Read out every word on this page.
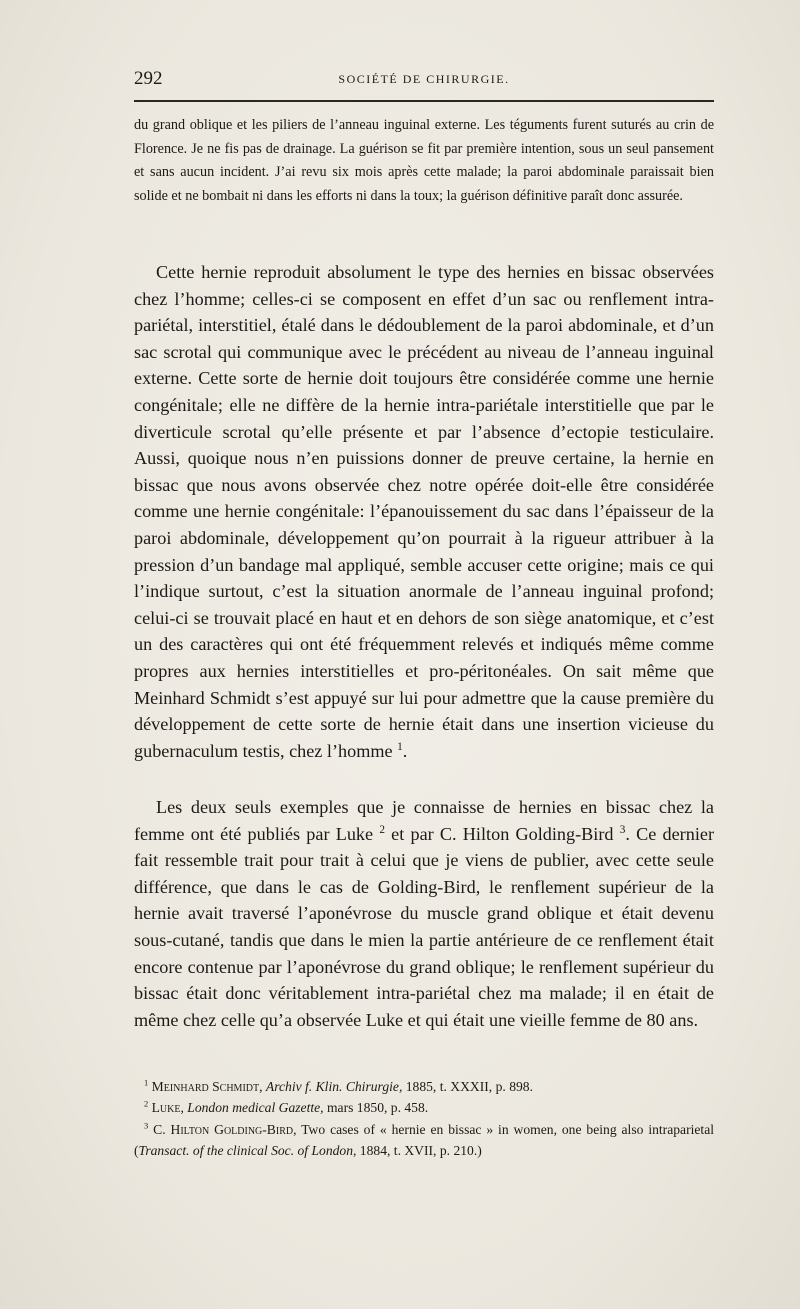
292	SOCIÉTÉ DE CHIRURGIE.

du grand oblique et les piliers de l’anneau inguinal externe. Les téguments furent suturés au crin de Florence. Je ne fis pas de drainage. La guérison se fit par première intention, sous un seul pansement et sans aucun incident. J’ai revu six mois après cette malade; la paroi abdominale paraissait bien solide et ne bombait ni dans les efforts ni dans la toux; la guérison définitive paraît donc assurée.

Cette hernie reproduit absolument le type des hernies en bissac observées chez l’homme; celles-ci se composent en effet d’un sac ou renflement intra-pariétal, interstitiel, étalé dans le dédoublement de la paroi abdominale, et d’un sac scrotal qui communique avec le précédent au niveau de l’anneau inguinal externe. Cette sorte de hernie doit toujours être considérée comme une hernie congénitale; elle ne diffère de la hernie intra-pariétale interstitielle que par le diverticule scrotal qu’elle présente et par l’absence d’ectopie testiculaire. Aussi, quoique nous n’en puissions donner de preuve certaine, la hernie en bissac que nous avons observée chez notre opérée doit-elle être considérée comme une hernie congénitale: l’épanouissement du sac dans l’épaisseur de la paroi abdominale, développement qu’on pourrait à la rigueur attribuer à la pression d’un bandage mal appliqué, semble accuser cette origine; mais ce qui l’indique surtout, c’est la situation anormale de l’anneau inguinal profond; celui-ci se trouvait placé en haut et en dehors de son siège anatomique, et c’est un des caractères qui ont été fréquemment relevés et indiqués même comme propres aux hernies interstitielles et pro-péritonéales. On sait même que Meinhard Schmidt s’est appuyé sur lui pour admettre que la cause première du développement de cette sorte de hernie était dans une insertion vicieuse du gubernaculum testis, chez l’homme $^1$.

Les deux seuls exemples que je connaisse de hernies en bissac chez la femme ont été publiés par Luke $^2$ et par C. Hilton Golding-Bird $^3$. Ce dernier fait ressemble trait pour trait à celui que je viens de publier, avec cette seule différence, que dans le cas de Golding-Bird, le renflement supérieur de la hernie avait traversé l’aponévrose du muscle grand oblique et était devenu sous-cutané, tandis que dans le mien la partie antérieure de ce renflement était encore contenue par l’aponévrose du grand oblique; le renflement supérieur du bissac était donc véritablement intra-pariétal chez ma malade; il en était de même chez celle qu’a observée Luke et qui était une vieille femme de 80 ans.

$^1$ Meinhard Schmidt, Archiv f. Klin. Chirurgie, 1885, t. XXXII, p. 898.

$^2$ Luke, London medical Gazette, mars 1850, p. 458.

$^3$ C. Hilton Golding-Bird, Two cases of « hernie en bissac » in women, one being also intraparietal (Transact. of the clinical Soc. of London, 1884, t. XVII, p. 210.)
